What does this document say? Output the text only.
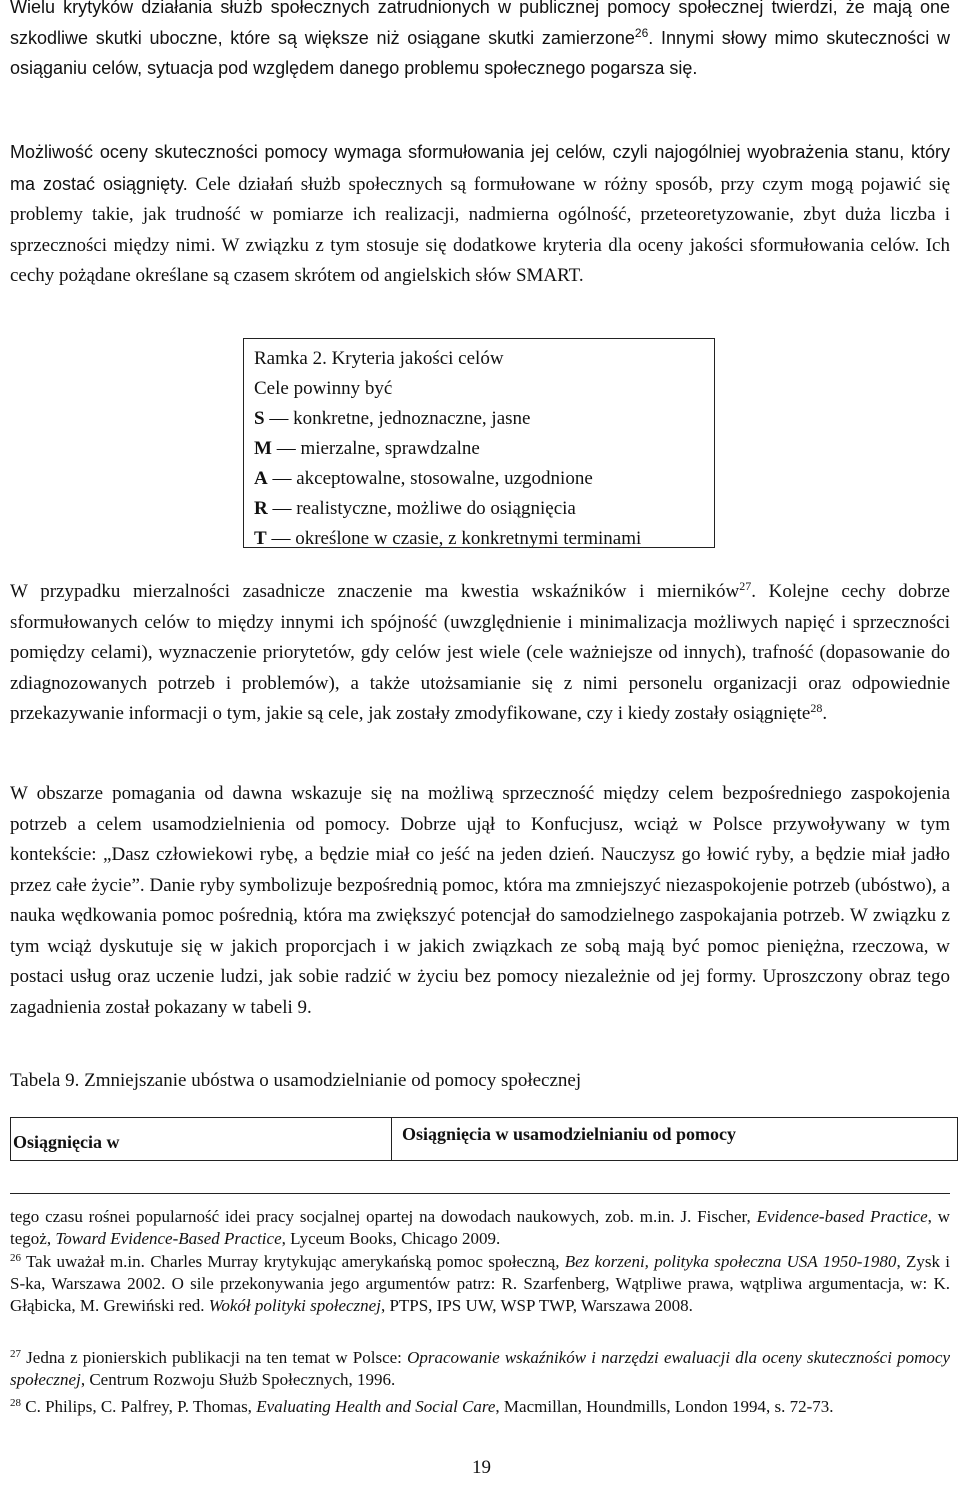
Wielu krytyków działania służb społecznych zatrudnionych w publicznej pomocy społecznej twierdzi, że mają one szkodliwe skutki uboczne, które są większe niż osiągane skutki zamierzone$^{26}$. Innymi słowy mimo skuteczności w osiąganiu celów, sytuacja pod względem danego problemu społecznego pogarsza się.

Możliwość oceny skuteczności pomocy wymaga sformułowania jej celów, czyli najogólniej wyobrażenia stanu, który ma zostać osiągnięty. Cele działań służb społecznych są formułowane w różny sposób, przy czym mogą pojawić się problemy takie, jak trudność w pomiarze ich realizacji, nadmierna ogólność, przeteoretyzowanie, zbyt duża liczba i sprzeczności między nimi. W związku z tym stosuje się dodatkowe kryteria dla oceny jakości sformułowania celów. Ich cechy pożądane określane są czasem skrótem od angielskich słów SMART.

Ramka 2. Kryteria jakości celów
Cele powinny być
S — konkretne, jednoznaczne, jasne
M — mierzalne, sprawdzalne
A — akceptowalne, stosowalne, uzgodnione
R — realistyczne, możliwe do osiągnięcia
T — określone w czasie, z konkretnymi terminami

W przypadku mierzalności zasadnicze znaczenie ma kwestia wskaźników i mierników$^{27}$. Kolejne cechy dobrze sformułowanych celów to między innymi ich spójność (uwzględnienie i minimalizacja możliwych napięć i sprzeczności pomiędzy celami), wyznaczenie priorytetów, gdy celów jest wiele (cele ważniejsze od innych), trafność (dopasowanie do zdiagnozowanych potrzeb i problemów), a także utożsamianie się z nimi personelu organizacji oraz odpowiednie przekazywanie informacji o tym, jakie są cele, jak zostały zmodyfikowane, czy i kiedy zostały osiągnięte$^{28}$.

W obszarze pomagania od dawna wskazuje się na możliwą sprzeczność między celem bezpośredniego zaspokojenia potrzeb a celem usamodzielnienia od pomocy. Dobrze ujął to Konfucjusz, wciąż w Polsce przywoływany w tym kontekście: „Dasz człowiekowi rybę, a będzie miał co jeść na jeden dzień. Nauczysz go łowić ryby, a będzie miał jadło przez całe życie”. Danie ryby symbolizuje bezpośrednią pomoc, która ma zmniejszyć niezaspokojenie potrzeb (ubóstwo), a nauka wędkowania pomoc pośrednią, która ma zwiększyć potencjał do samodzielnego zaspokajania potrzeb. W związku z tym wciąż dyskutuje się w jakich proporcjach i w jakich związkach ze sobą mają być pomoc pieniężna, rzeczowa, w postaci usług oraz uczenie ludzi, jak sobie radzić w życiu bez pomocy niezależnie od jej formy. Uproszczony obraz tego zagadnienia został pokazany w tabeli 9.

Tabela 9. Zmniejszanie ubóstwa o usamodzielnianie od pomocy społecznej
Osiągnięcia w	Osiągnięcia w usamodzielnianiu od pomocy

tego czasu rośnei popularność idei pracy socjalnej opartej na dowodach naukowych, zob. m.in. J. Fischer, Evidence-based Practice, w tegoż, Toward Evidence-Based Practice, Lyceum Books, Chicago 2009.

$^{26}$ Tak uważał m.in. Charles Murray krytykując amerykańską pomoc społeczną, Bez korzeni, polityka społeczna USA 1950-1980, Zysk i S-ka, Warszawa 2002. O sile przekonywania jego argumentów patrz: R. Szarfenberg, Wątpliwe prawa, wątpliwa argumentacja, w: K. Głąbicka, M. Grewiński red. Wokół polityki społecznej, PTPS, IPS UW, WSP TWP, Warszawa 2008.

$^{27}$ Jedna z pionierskich publikacji na ten temat w Polsce: Opracowanie wskaźników i narzędzi ewaluacji dla oceny skuteczności pomocy społecznej, Centrum Rozwoju Służb Społecznych, 1996.

$^{28}$ C. Philips, C. Palfrey, P. Thomas, Evaluating Health and Social Care, Macmillan, Houndmills, London 1994, s. 72-73.

19
